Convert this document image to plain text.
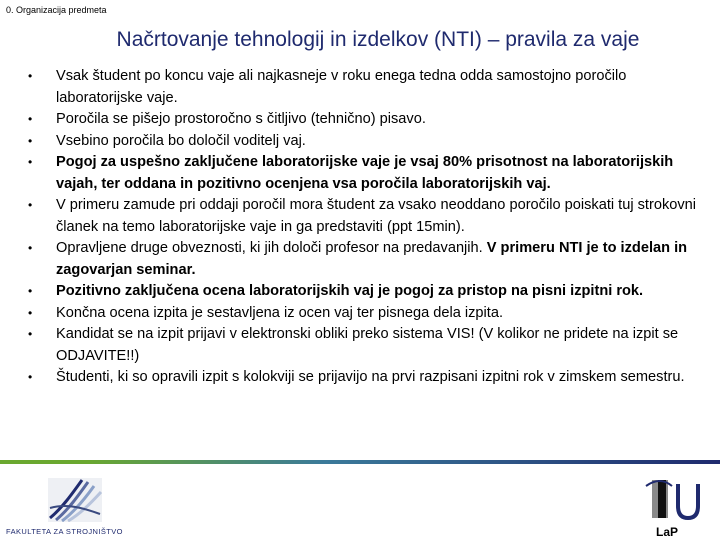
0. Organizacija predmeta
Načrtovanje tehnologij in izdelkov (NTI) – pravila za vaje
• Vsak študent po koncu vaje ali najkasneje v roku enega tedna odda samostojno poročilo laboratorijske vaje.
• Poročila se pišejo prostoročno s čitljivo (tehnično) pisavo.
• Vsebino poročila bo določil voditelj vaj.
• Pogoj za uspešno zaključene laboratorijske vaje je vsaj 80% prisotnost na laboratorijskih vajah, ter oddana in pozitivno ocenjena vsa poročila laboratorijskih vaj.
• V primeru zamude pri oddaji poročil mora študent za vsako neoddano poročilo poiskati tuj strokovni članek na temo laboratorijske vaje in ga predstaviti (ppt 15min).
• Opravljene druge obveznosti, ki jih določi profesor na predavanjih. V primeru NTI je to izdelan in zagovarjan seminar.
• Pozitivno zaključena ocena laboratorijskih vaj je pogoj za pristop na pisni izpitni rok.
• Končna ocena izpita je sestavljena iz ocen vaj ter pisnega dela izpita.
• Kandidat se na izpit prijavi v elektronski obliki preko sistema VIS! (V kolikor ne pridete na izpit se ODJAVITE!!)
• Študenti, ki so opravili izpit s kolokviji se prijavijo na prvi razpisani izpitni rok v zimskem semestru.
FAKULTETA ZA STROJNIŠTVO	LaP
